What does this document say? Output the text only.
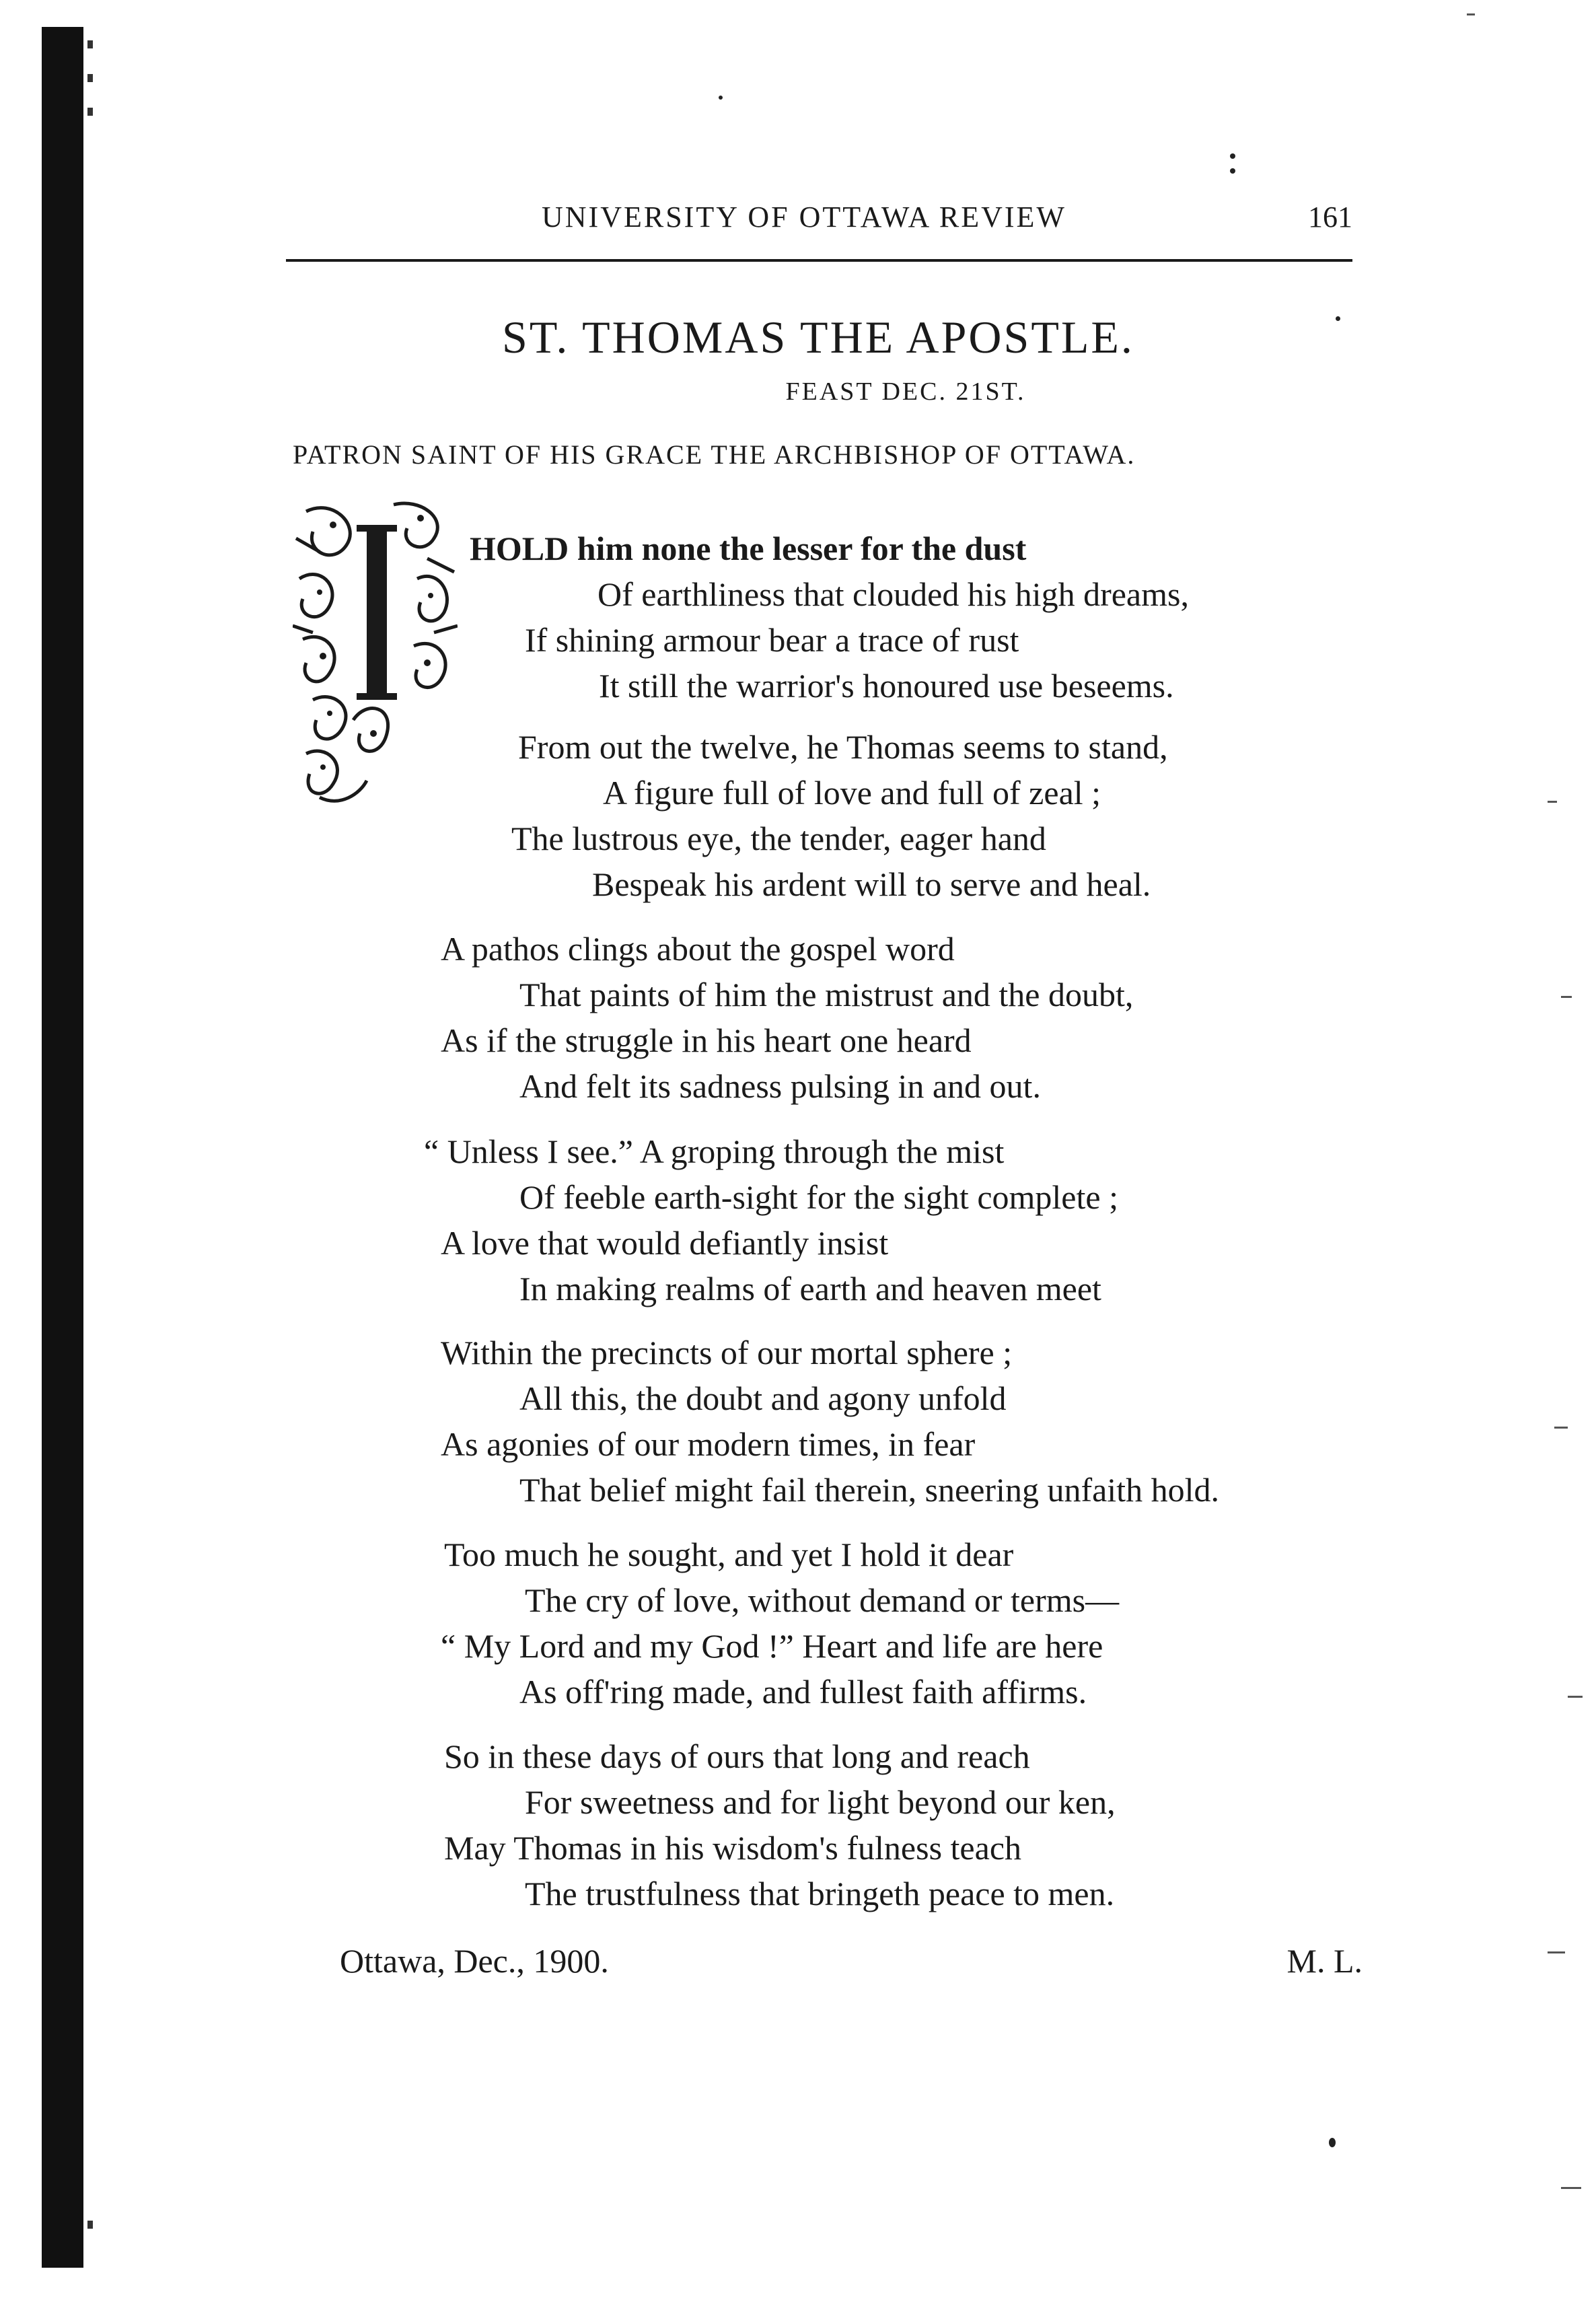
UNIVERSITY OF OTTAWA REVIEW	161
ST. THOMAS THE APOSTLE.
FEAST DEC. 21ST.
PATRON SAINT OF HIS GRACE THE ARCHBISHOP OF OTTAWA.
HOLD him none the lesser for the dust
Of earthliness that clouded his high dreams,
If shining armour bear a trace of rust
It still the warrior's honoured use beseems.
From out the twelve, he Thomas seems to stand,
A figure full of love and full of zeal ;
The lustrous eye, the tender, eager hand
Bespeak his ardent will to serve and heal.
A pathos clings about the gospel word
That paints of him the mistrust and the doubt,
As if the struggle in his heart one heard
And felt its sadness pulsing in and out.
“ Unless I see.” A groping through the mist
Of feeble earth-sight for the sight complete ;
A love that would defiantly insist
In making realms of earth and heaven meet
Within the precincts of our mortal sphere ;
All this, the doubt and agony unfold
As agonies of our modern times, in fear
That belief might fail therein, sneering unfaith hold.
Too much he sought, and yet I hold it dear
The cry of love, without demand or terms—
“ My Lord and my God !” Heart and life are here
As off'ring made, and fullest faith affirms.
So in these days of ours that long and reach
For sweetness and for light beyond our ken,
May Thomas in his wisdom's fulness teach
The trustfulness that bringeth peace to men.
Ottawa, Dec., 1900.	M. L.
